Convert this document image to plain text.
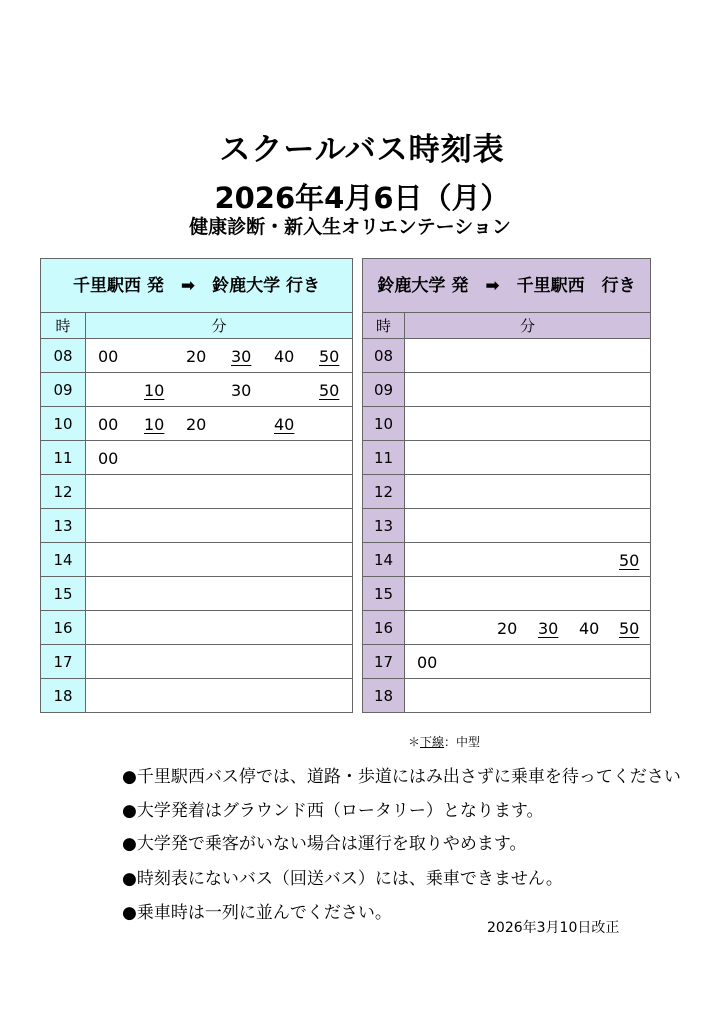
スクールバス時刻表
2026年4月6日（月）
健康診断・新入生オリエンテーション
千里駅西 発　➡　鈴鹿大学 行き	
時	分
08	00 20 30 40 50

09	10 30 50

10	00 10 20 40

11	00

12	
13	
14	
15	
16	
17	
18	
鈴鹿大学 発　➡　千里駅西　行き	
時	分
08	
09	
10	
11	
12	
13	
14	50

15	
16	20 30 40 50

17	00

18	
＊下線：中型
●千里駅西バス停では、道路・歩道にはみ出さずに乗車を待ってください
●大学発着はグラウンド西（ロータリー）となります。
●大学発で乗客がいない場合は運行を取りやめます。
●時刻表にないバス（回送バス）には、乗車できません。
●乗車時は一列に並んでください。
2026年3月10日改正
